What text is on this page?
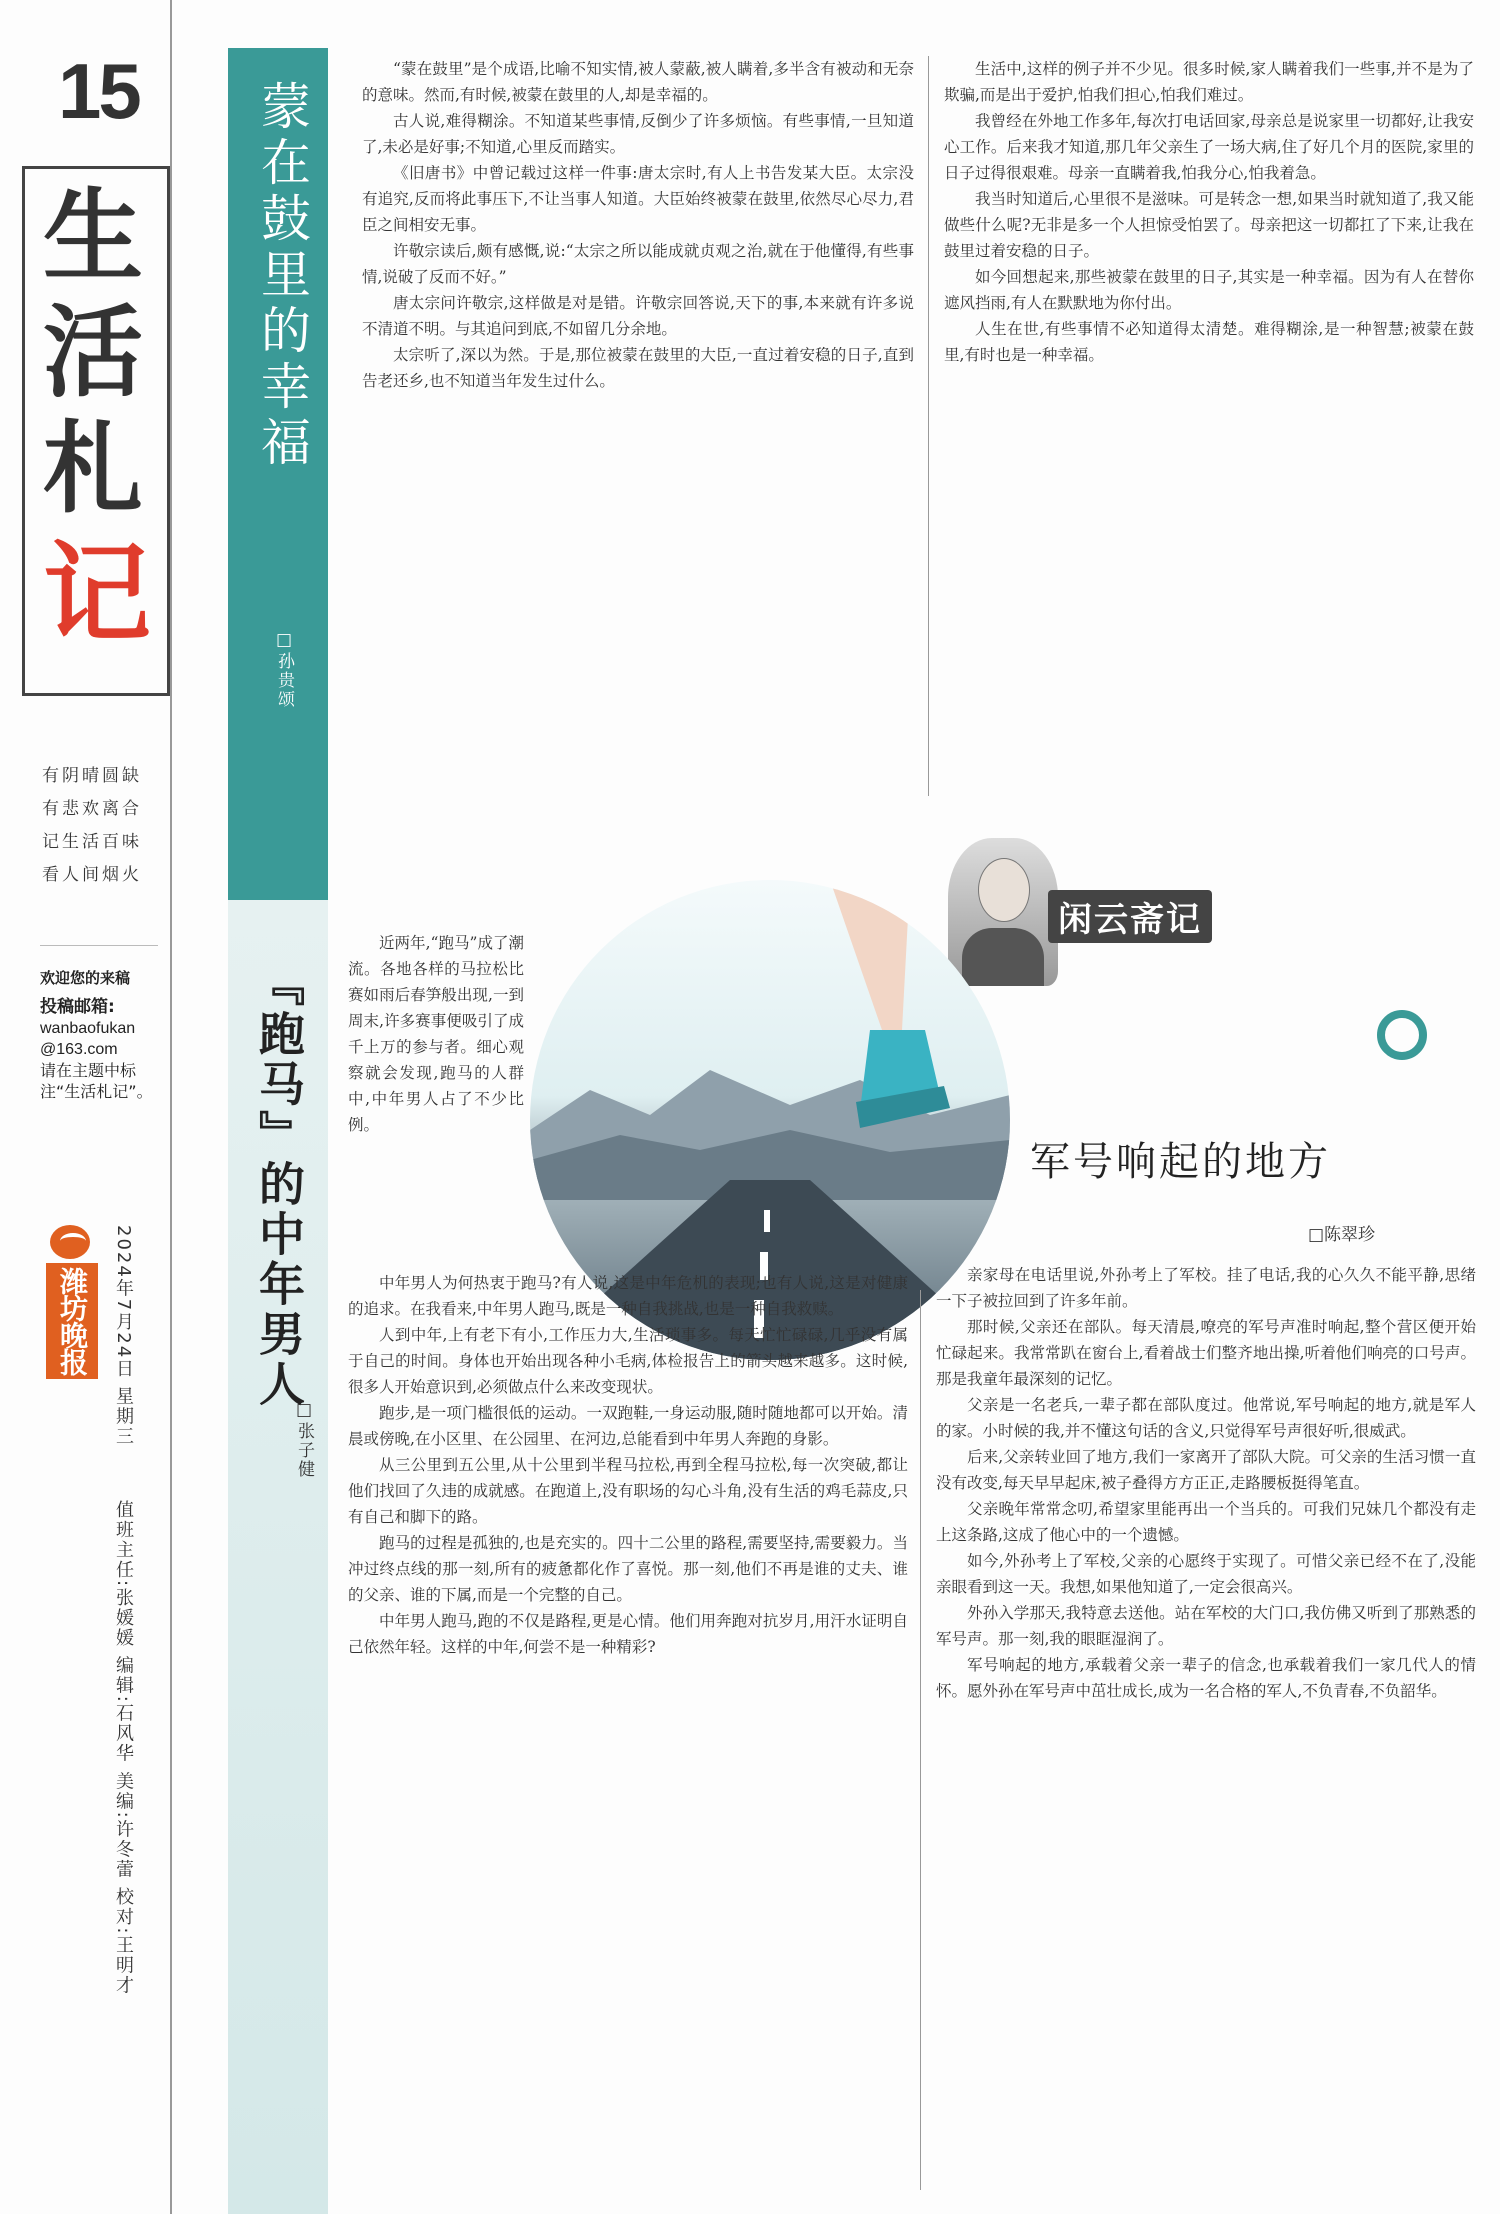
15
生
活
札
记
有阴晴圆缺
有悲欢离合
记生活百味
看人间烟火
欢迎您的来稿
投稿邮箱:
wanbaofukan
@163.com
请在主题中标注“生活札记”。
潍坊晚报	2024年7月24日 星期三
值班主任:张媛媛 编辑:石风华 美编:许冬蕾 校对:王明才
蒙在鼓里的幸福
□孙贵颂

“蒙在鼓里”是个成语,比喻不知实情,被人蒙蔽,被人瞒着,多半含有被动和无奈的意味。然而,有时候,被蒙在鼓里的人,却是幸福的。

古人说,难得糊涂。不知道某些事情,反倒少了许多烦恼。有些事情,一旦知道了,未必是好事;不知道,心里反而踏实。

《旧唐书》中曾记载过这样一件事:唐太宗时,有人上书告发某大臣。太宗没有追究,反而将此事压下,不让当事人知道。大臣始终被蒙在鼓里,依然尽心尽力,君臣之间相安无事。

许敬宗读后,颇有感慨,说:“太宗之所以能成就贞观之治,就在于他懂得,有些事情,说破了反而不好。”

唐太宗问许敬宗,这样做是对是错。许敬宗回答说,天下的事,本来就有许多说不清道不明。与其追问到底,不如留几分余地。

太宗听了,深以为然。于是,那位被蒙在鼓里的大臣,一直过着安稳的日子,直到告老还乡,也不知道当年发生过什么。

生活中,这样的例子并不少见。很多时候,家人瞒着我们一些事,并不是为了欺骗,而是出于爱护,怕我们担心,怕我们难过。

我曾经在外地工作多年,每次打电话回家,母亲总是说家里一切都好,让我安心工作。后来我才知道,那几年父亲生了一场大病,住了好几个月的医院,家里的日子过得很艰难。母亲一直瞒着我,怕我分心,怕我着急。

我当时知道后,心里很不是滋味。可是转念一想,如果当时就知道了,我又能做些什么呢?无非是多一个人担惊受怕罢了。母亲把这一切都扛了下来,让我在鼓里过着安稳的日子。

如今回想起来,那些被蒙在鼓里的日子,其实是一种幸福。因为有人在替你遮风挡雨,有人在默默地为你付出。

人生在世,有些事情不必知道得太清楚。难得糊涂,是一种智慧;被蒙在鼓里,有时也是一种幸福。

闲云斋记
『跑马』的中年男人
□张子健

近两年,“跑马”成了潮流。各地各样的马拉松比赛如雨后春笋般出现,一到周末,许多赛事便吸引了成千上万的参与者。细心观察就会发现,跑马的人群中,中年男人占了不少比例。

中年男人为何热衷于跑马?有人说,这是中年危机的表现;也有人说,这是对健康的追求。在我看来,中年男人跑马,既是一种自我挑战,也是一种自我救赎。

人到中年,上有老下有小,工作压力大,生活琐事多。每天忙忙碌碌,几乎没有属于自己的时间。身体也开始出现各种小毛病,体检报告上的箭头越来越多。这时候,很多人开始意识到,必须做点什么来改变现状。

跑步,是一项门槛很低的运动。一双跑鞋,一身运动服,随时随地都可以开始。清晨或傍晚,在小区里、在公园里、在河边,总能看到中年男人奔跑的身影。

从三公里到五公里,从十公里到半程马拉松,再到全程马拉松,每一次突破,都让他们找回了久违的成就感。在跑道上,没有职场的勾心斗角,没有生活的鸡毛蒜皮,只有自己和脚下的路。

跑马的过程是孤独的,也是充实的。四十二公里的路程,需要坚持,需要毅力。当冲过终点线的那一刻,所有的疲惫都化作了喜悦。那一刻,他们不再是谁的丈夫、谁的父亲、谁的下属,而是一个完整的自己。

中年男人跑马,跑的不仅是路程,更是心情。他们用奔跑对抗岁月,用汗水证明自己依然年轻。这样的中年,何尝不是一种精彩?

军号响起的地方
□陈翠珍

亲家母在电话里说,外孙考上了军校。挂了电话,我的心久久不能平静,思绪一下子被拉回到了许多年前。

那时候,父亲还在部队。每天清晨,嘹亮的军号声准时响起,整个营区便开始忙碌起来。我常常趴在窗台上,看着战士们整齐地出操,听着他们响亮的口号声。那是我童年最深刻的记忆。

父亲是一名老兵,一辈子都在部队度过。他常说,军号响起的地方,就是军人的家。小时候的我,并不懂这句话的含义,只觉得军号声很好听,很威武。

后来,父亲转业回了地方,我们一家离开了部队大院。可父亲的生活习惯一直没有改变,每天早早起床,被子叠得方方正正,走路腰板挺得笔直。

父亲晚年常常念叨,希望家里能再出一个当兵的。可我们兄妹几个都没有走上这条路,这成了他心中的一个遗憾。

如今,外孙考上了军校,父亲的心愿终于实现了。可惜父亲已经不在了,没能亲眼看到这一天。我想,如果他知道了,一定会很高兴。

外孙入学那天,我特意去送他。站在军校的大门口,我仿佛又听到了那熟悉的军号声。那一刻,我的眼眶湿润了。

军号响起的地方,承载着父亲一辈子的信念,也承载着我们一家几代人的情怀。愿外孙在军号声中茁壮成长,成为一名合格的军人,不负青春,不负韶华。
